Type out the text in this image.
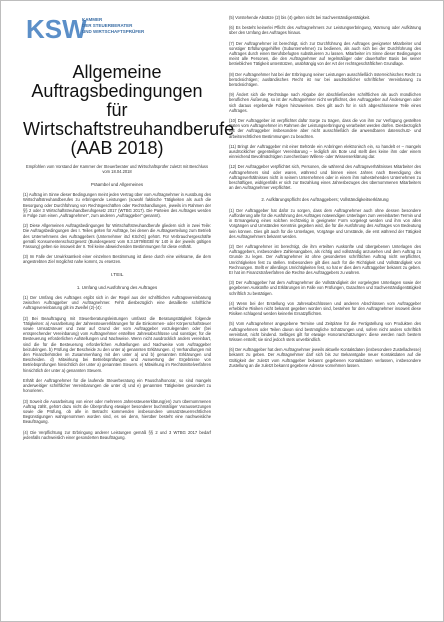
KSW
KAMMER
DER STEUERBERATER
UND WIRTSCHAFTSPRÜFER
Allgemeine
Auftragsbedingungen
für Wirtschaftstreuhandberufe
(AAB 2018)
Empfohlen vom Vorstand der Kammer der Steuerberater und Wirtschaftsprüfer zuletzt mit Beschluss vom 18.04.2018
Präambel und Allgemeines
(1) Auftrag im Sinne dieser Bedingungen meint jeden Vertrag über vom Auftragnehmer in Ausübung des Wirtschaftstreuhandberufes zu erbringende Leistungen (sowohl faktische Tätigkeiten als auch die Besorgung oder Durchführung von Rechtsgeschäften oder Rechtshandlungen, jeweils im Rahmen der §§ 2 oder 3 Wirtschaftstreuhandberufsgesetz 2017 (WTBG 2017). Die Parteien des Auftrages werden in Folge zum einen „Auftragnehmer", zum anderen „Auftraggeber" genannt).
(2) Diese Allgemeinen Auftragsbedingungen für Wirtschaftstreuhandberufe gliedern sich in zwei Teile: Die Auftragsbedingungen des I. Teiles gelten für Aufträge, bei denen die Auftragserteilung zum Betrieb des Unternehmens des Auftraggebers (Unternehmer iSd KSchG) gehört. Für Verbrauchergeschäfte gemäß Konsumentenschutzgesetz (Bundesgesetz vom 8.3.1979/BGBl Nr 140 in der jeweils gültigen Fassung) gelten sie insoweit der II. Teil keine abweichenden Bestimmungen für diese enthält.
(3) Im Falle der Unwirksamkeit einer einzelnen Bestimmung ist diese durch eine wirksame, die dem angestrebten Ziel möglichst nahe kommt, zu ersetzen.
I.TEIL
1. Umfang und Ausführung des Auftrages
(1) Der Umfang des Auftrages ergibt sich in der Regel aus der schriftlichen Auftragsvereinbarung zwischen Auftraggeber und Auftragnehmer. Fehlt diesbezüglich eine detaillierte schriftliche Auftragsvereinbarung gilt im Zweifel (2)-(4):
(2) Bei Beauftragung mit Steuerberatungsleistungen umfasst die Beratungstätigkeit folgende Tätigkeiten: a) Ausarbeitung der Jahressteuererklärungen für die Einkommen- oder Körperschaftsteuer sowie Umsatzsteuer und zwar auf Grund der vom Auftraggeber vorzulegenden oder (bei entsprechender Vereinbarung) vom Auftragnehmer erstellten Jahresabschlüsse und sonstiger, für die Besteuerung erforderlichen Aufstellungen und Nachweise. Wenn nicht ausdrücklich anders vereinbart, sind die für die Besteuerung erforderlichen Aufstellungen und Nachweise vom Auftraggeber beizubringen. b) Prüfung der Bescheide zu den unter a) genannten Erklärungen. c) Verhandlungen mit den Finanzbehörden im Zusammenhang mit den unter a) und b) genannten Erklärungen und Bescheiden. d) Mitwirkung bei Betriebsprüfungen und Auswertung der Ergebnisse von Betriebsprüfungen hinsichtlich der unter a) genannten Steuern. e) Mitwirkung im Rechtsmittelverfahren hinsichtlich der unter a) genannten Steuern.
Erhält der Auftragnehmer für die laufende Steuerberatung ein Pauschalhonorar, so sind mangels anderweitiger schriftlicher Vereinbarungen die unter d) und e) genannten Tätigkeiten gesondert zu honorieren.
(3) Soweit die Ausarbeitung von einer oder mehreren Jahressteuererklärung(en) zum übernommenen Auftrag zählt, gehört dazu nicht die Überprüfung etwaiger besonderer buchmäßiger Voraussetzungen sowie die Prüfung, ob alle in Betracht kommenden insbesondere umsatzsteuerrechtlichen Begünstigungen wahrgenommen worden sind, es sei denn, hierüber besteht eine nachweisliche Beauftragung.
(4) Die Verpflichtung zur Erbringung anderer Leistungen gemäß §§ 2 und 3 WTBG 2017 bedarf jedenfalls nachweislich einer gesonderten Beauftragung.
(5) Vorstehende Absätze (2) bis (4) gelten nicht bei Sachverständigentätigkeit.
(6) Es besteht keinerlei Pflicht des Auftragnehmers zur Leistungserbringung, Warnung oder Aufklärung über den Umfang des Auftrages hinaus.
(7) Der Auftragnehmer ist berechtigt, sich zur Durchführung des Auftrages geeigneter Mitarbeiter und sonstiger Erfüllungsgehilfen (Subunternehmer) zu bedienen, als auch sich bei der Durchführung des Auftrages durch einen Berufsbefugten substituieren zu lassen. Mitarbeiter im Sinne dieser Bedingungen meint alle Personen, die den Auftragnehmer auf regelmäßiger oder dauerhafter Basis bei seiner betrieblichen Tätigkeit unterstützen, unabhängig von der Art der rechtsgeschäftlichen Grundlage.
(8) Der Auftragnehmer hat bei der Erbringung seiner Leistungen ausschließlich österreichisches Recht zu berücksichtigen; ausländisches Recht ist nur bei ausdrücklicher schriftlicher Vereinbarung zu berücksichtigen.
(9) Ändert sich die Rechtslage nach Abgabe der abschließenden schriftlichen als auch mündlichen beruflichen Äußerung, so ist der Auftragnehmer nicht verpflichtet, den Auftraggeber auf Änderungen oder sich daraus ergebende Folgen hinzuweisen. Dies gilt auch für in sich abgeschlossene Teile eines Auftrages.
(10) Der Auftraggeber ist verpflichtet dafür Sorge zu tragen, dass die von ihm zur Verfügung gestellten Daten vom Auftragnehmer im Rahmen der Leistungserbringung verarbeitet werden dürfen. Diesbezüglich hat der Auftraggeber insbesondere aber nicht ausschließlich die anwendbaren datenschutz- und arbeitsrechtlichen Bestimmungen zu beachten.
(11) Bringt der Auftraggeber mit einer Behörde ein Anbringen elektronisch ein, so handelt er – mangels ausdrücklicher gegenteiliger Vereinbarung – lediglich als Bote und stellt dies keine ihm oder einem einreichend Bevollmächtigten zurechenbare Willens- oder Wissenserklärung dar.
(12) Der Auftraggeber verpflichtet sich, Personen, die während des Auftragsverhältnisses Mitarbeiter des Auftragnehmers sind oder waren, während und binnen eines Jahres nach Beendigung des Auftragsverhältnisses nicht in seinem Unternehmen oder in einem ihm nahestehenden Unternehmen zu beschäftigen, widrigenfalls er sich zur Bezahlung eines Jahresbezuges des übernommenen Mitarbeiters an den Auftragnehmer verpflichtet.
2. Aufklärungspflicht des Auftraggebers; Vollständigkeitserklärung
(1) Der Auftraggeber hat dafür zu sorgen, dass dem Auftragnehmer auch ohne dessen besondere Aufforderung alle für die Ausführung des Auftrages notwendigen Unterlagen zum vereinbarten Termin und in Ermangelung eines solchen rechtzeitig in geeigneter Form vorgelegt werden und ihm von allen Vorgängen und Umständen Kenntnis gegeben wird, die für die Ausführung des Auftrages von Bedeutung sein können. Dies gilt auch für die Unterlagen, Vorgänge und Umstände, die erst während der Tätigkeit des Auftragnehmers bekannt werden.
(2) Der Auftragnehmer ist berechtigt, die ihm erteilten Auskünfte und übergebenen Unterlagen des Auftraggebers, insbesondere Zahlenangaben, als richtig und vollständig anzusehen und dem Auftrag zu Grunde zu legen. Der Auftragnehmer ist ohne gesonderten schriftlichen Auftrag nicht verpflichtet, Unrichtigkeiten fest zu stellen. Insbesondere gilt dies auch für die Richtigkeit und Vollständigkeit von Rechnungen. Stellt er allerdings Unrichtigkeiten fest, so hat er dies dem Auftraggeber bekannt zu geben. Er hat im Finanzstrafverfahren die Rechte des Auftraggebers zu wahren.
(3) Der Auftraggeber hat dem Auftragnehmer die Vollständigkeit der vorgelegten Unterlagen sowie der gegebenen Auskünfte und Erklärungen im Falle von Prüfungen, Gutachten und Sachverständigentätigkeit schriftlich zu bestätigen.
(4) Wenn bei der Erstellung von Jahresabschlüssen und anderen Abschlüssen vom Auftraggeber erhebliche Risiken nicht bekannt gegeben worden sind, bestehen für den Auftragnehmer insoweit diese Risiken schlagend werden keinerlei Ersatzpflichten.
(5) Vom Auftragnehmer angegebene Termine und Zeitpläne für die Fertigstellung von Produkten des Auftragnehmers oder Teilen davon sind bestmögliche Schätzungen und, sofern nicht anders schriftlich vereinbart, nicht bindend. Selbiges gilt für etwaige Honorarschätzungen: diese werden nach bestem Wissen erstellt; sie sind jedoch stets unverbindlich.
(6) Der Auftraggeber hat dem Auftragnehmer jeweils aktuelle Kontaktdaten (insbesondere Zustelladresse) bekannt zu geben. Der Auftragnehmer darf sich bis zur Bekanntgabe neuer Kontaktdaten auf die Gültigkeit der zuletzt vom Auftraggeber bekannt gegebenen Kontaktdaten verlassen, insbesondere Zustellung an die zuletzt bekannt gegebene Adresse vornehmen lassen.
